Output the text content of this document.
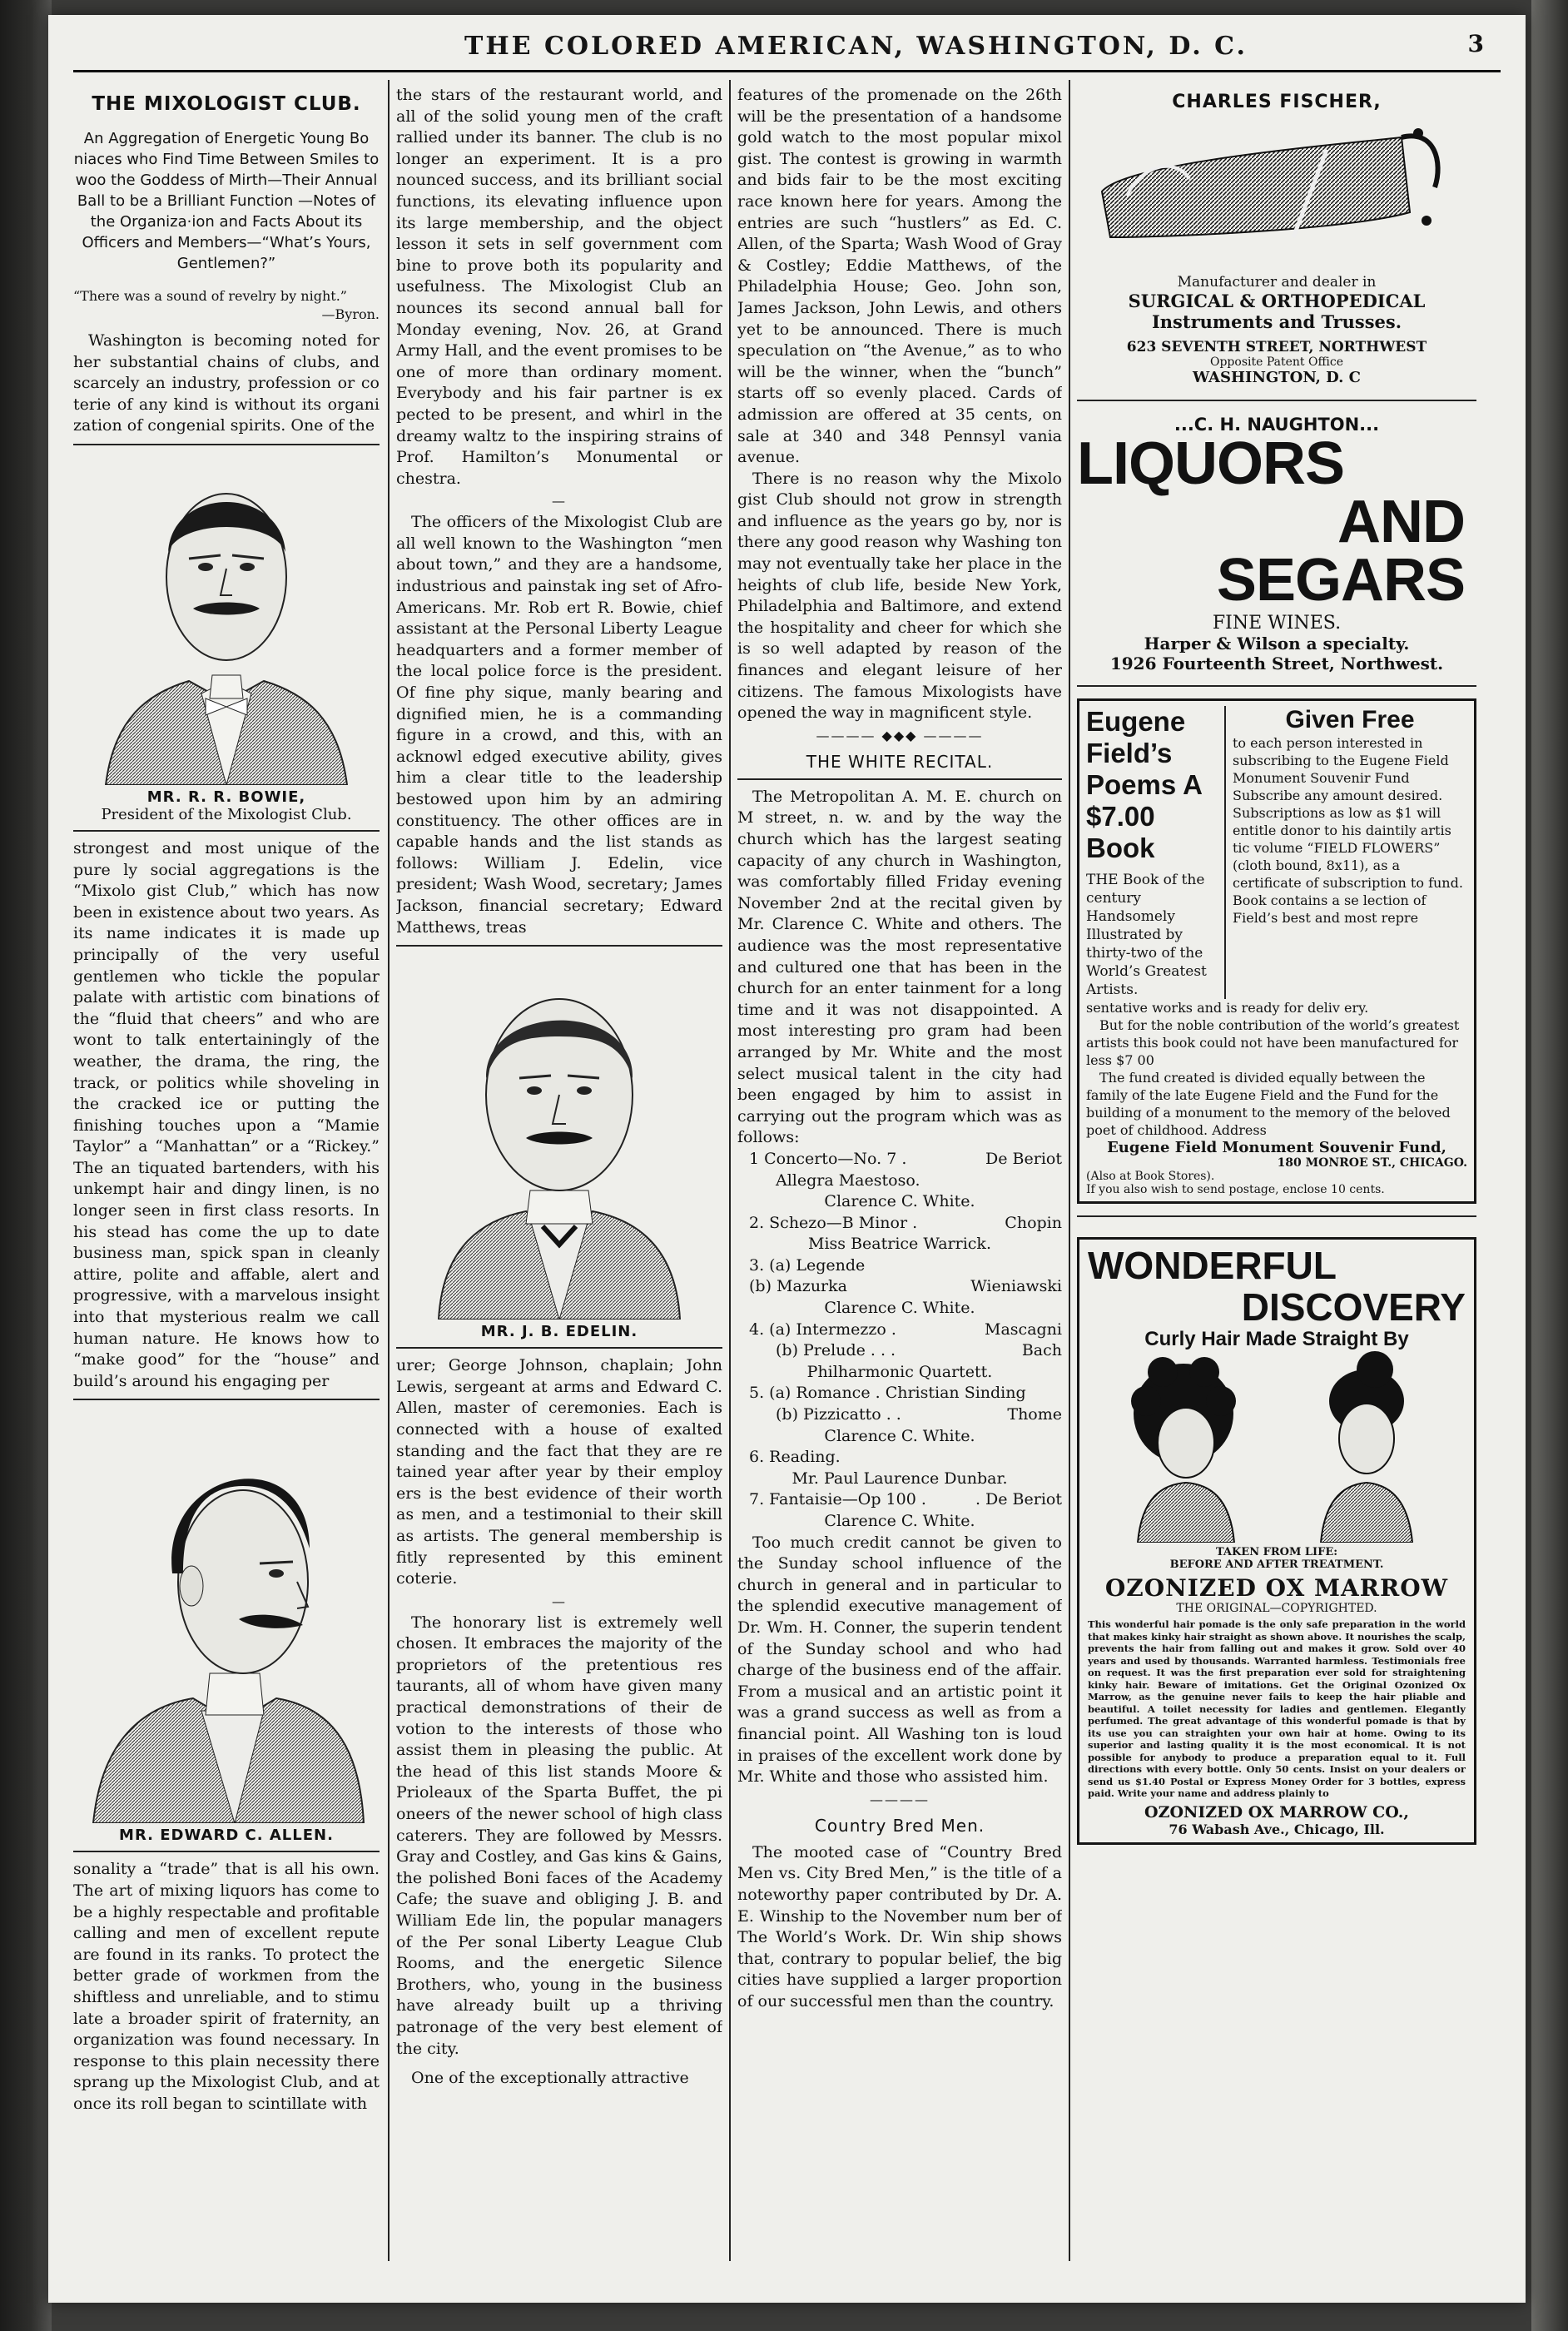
THE COLORED AMERICAN, WASHINGTON, D. C.	3
THE MIXOLOGIST CLUB.

An Aggregation of Energetic Young Bo niaces who Find Time Between Smiles to woo the Goddess of Mirth—Their Annual Ball to be a Brilliant Function —Notes of the Organiza·ion and Facts About its Officers and Members—“What’s Yours, Gentlemen?”

“There was a sound of revelry by night.”

—Byron.

Washington is becoming noted for her substantial chains of clubs, and scarcely an industry, profession or co terie of any kind is without its organi zation of congenial spirits. One of the

MR. R. R. BOWIE,
President of the Mixologist Club.

strongest and most unique of the pure ly social aggregations is the “Mixolo gist Club,” which has now been in existence about two years. As its name indicates it is made up principally of the very useful gentlemen who tickle the popular palate with artistic com binations of the “fluid that cheers” and who are wont to talk entertainingly of the weather, the drama, the ring, the track, or politics while shoveling in the cracked ice or putting the finishing touches upon a “Mamie Taylor” a “Manhattan” or a “Rickey.” The an tiquated bartenders, with his unkempt hair and dingy linen, is no longer seen in first class resorts. In his stead has come the up to date business man, spick span in cleanly attire, polite and affable, alert and progressive, with a marvelous insight into that mysterious realm we call human nature. He knows how to “make good” for the “house” and build’s around his engaging per

MR. EDWARD C. ALLEN.

sonality a “trade” that is all his own. The art of mixing liquors has come to be a highly respectable and profitable calling and men of excellent repute are found in its ranks. To protect the better grade of workmen from the shiftless and unreliable, and to stimu late a broader spirit of fraternity, an organization was found necessary. In response to this plain necessity there sprang up the Mixologist Club, and at once its roll began to scintillate with

the stars of the restaurant world, and all of the solid young men of the craft rallied under its banner. The club is no longer an experiment. It is a pro nounced success, and its brilliant social functions, its elevating influence upon its large membership, and the object lesson it sets in self government com bine to prove both its popularity and usefulness. The Mixologist Club an nounces its second annual ball for Monday evening, Nov. 26, at Grand Army Hall, and the event promises to be one of more than ordinary moment. Everybody and his fair partner is ex pected to be present, and whirl in the dreamy waltz to the inspiring strains of Prof. Hamilton’s Monumental or chestra.

—

The officers of the Mixologist Club are all well known to the Washington “men about town,” and they are a handsome, industrious and painstak ing set of Afro-Americans. Mr. Rob ert R. Bowie, chief assistant at the Personal Liberty League headquarters and a former member of the local police force is the president. Of fine phy sique, manly bearing and dignified mien, he is a commanding figure in a crowd, and this, with an acknowl edged executive ability, gives him a clear title to the leadership bestowed upon him by an admiring constituency. The other offices are in capable hands and the list stands as follows: William J. Edelin, vice president; Wash Wood, secretary; James Jackson, financial secretary; Edward Matthews, treas

MR. J. B. EDELIN.

urer; George Johnson, chaplain; John Lewis, sergeant at arms and Edward C. Allen, master of ceremonies. Each is connected with a house of exalted standing and the fact that they are re tained year after year by their employ ers is the best evidence of their worth as men, and a testimonial to their skill as artists. The general membership is fitly represented by this eminent coterie.

—

The honorary list is extremely well chosen. It embraces the majority of the proprietors of the pretentious res taurants, all of whom have given many practical demonstrations of their de votion to the interests of those who assist them in pleasing the public. At the head of this list stands Moore & Prioleaux of the Sparta Buffet, the pi oneers of the newer school of high class caterers. They are followed by Messrs. Gray and Costley, and Gas kins & Gains, the polished Boni faces of the Academy Cafe; the suave and obliging J. B. and William Ede lin, the popular managers of the Per sonal Liberty League Club Rooms, and the energetic Silence Brothers, who, young in the business have already built up a thriving patronage of the very best element of the city.

One of the exceptionally attractive

features of the promenade on the 26th will be the presentation of a handsome gold watch to the most popular mixol gist. The contest is growing in warmth and bids fair to be the most exciting race known here for years. Among the entries are such “hustlers” as Ed. C. Allen, of the Sparta; Wash Wood of Gray & Costley; Eddie Matthews, of the Philadelphia House; Geo. John son, James Jackson, John Lewis, and others yet to be announced. There is much speculation on “the Avenue,” as to who will be the winner, when the “bunch” starts off so evenly placed. Cards of admission are offered at 35 cents, on sale at 340 and 348 Pennsyl vania avenue.

There is no reason why the Mixolo gist Club should not grow in strength and influence as the years go by, nor is there any good reason why Washing ton may not eventually take her place in the heights of club life, beside New York, Philadelphia and Baltimore, and extend the hospitality and cheer for which she is so well adapted by reason of the finances and elegant leisure of her citizens. The famous Mixologists have opened the way in magnificent style.

———— ◆◆◆ ————
THE WHITE RECITAL.

The Metropolitan A. M. E. church on M street, n. w. and by the way the church which has the largest seating capacity of any church in Washington, was comfortably filled Friday evening November 2nd at the recital given by Mr. Clarence C. White and others. The audience was the most representative and cultured one that has been in the church for an enter tainment for a long time and it was not disappointed. A most interesting pro gram had been arranged by Mr. White and the most select musical talent in the city had been engaged by him to assist in carrying out the program which was as follows:

1 Concerto—No. 7 .	De Beriot
Allegra Maestoso.
Clarence C. White.
2. Schezo—B Minor .	Chopin
Miss Beatrice Warrick.
3. (a) Legende
(b) Mazurka	Wieniawski
Clarence C. White.
4. (a) Intermezzo .	Mascagni
(b) Prelude . . .	Bach
Philharmonic Quartett.
5. (a) Romance . Christian Sinding
(b) Pizzicatto . .	Thome
Clarence C. White.
6. Reading.
Mr. Paul Laurence Dunbar.
7. Fantaisie—Op 100 .	. De Beriot
Clarence C. White.

Too much credit cannot be given to the Sunday school influence of the church in general and in particular to the splendid executive management of Dr. Wm. H. Conner, the superin tendent of the Sunday school and who had charge of the business end of the affair. From a musical and an artistic point it was a grand success as well as from a financial point. All Washing ton is loud in praises of the excellent work done by Mr. White and those who assisted him.

————
Country Bred Men.

The mooted case of “Country Bred Men vs. City Bred Men,” is the title of a noteworthy paper contributed by Dr. A. E. Winship to the November num ber of The World’s Work. Dr. Win ship shows that, contrary to popular belief, the big cities have supplied a larger proportion of our successful men than the country.

CHARLES FISCHER,
Manufacturer and dealer in
SURGICAL & ORTHOPEDICAL
Instruments and Trusses.
623 SEVENTH STREET, NORTHWEST
Opposite Patent Office
WASHINGTON, D. C
...C. H. NAUGHTON...
LIQUORS
AND SEGARS
FINE WINES.
Harper & Wilson a specialty.
1926 Fourteenth Street, Northwest.
Eugene Field’s Poems A $7.00 Book
THE Book of the century Handsomely Illustrated by thirty-two of the World’s Greatest Artists.
Given Free
to each person interested in subscribing to the Eugene Field Monument Souvenir Fund Subscribe any amount desired. Subscriptions as low as $1 will entitle donor to his daintily artis tic volume “FIELD FLOWERS” (cloth bound, 8x11), as a certificate of subscription to fund. Book contains a se lection of Field’s best and most repre
sentative works and is ready for deliv ery.
But for the noble contribution of the world’s greatest artists this book could not have been manufactured for less $7 00
The fund created is divided equally between the family of the late Eugene Field and the Fund for the building of a monument to the memory of the beloved poet of childhood. Address
Eugene Field Monument Souvenir Fund,
180 MONROE ST., CHICAGO.
(Also at Book Stores).
If you also wish to send postage, enclose 10 cents.
WONDERFUL
DISCOVERY
Curly Hair Made Straight By
TAKEN FROM LIFE:
BEFORE AND AFTER TREATMENT.
OZONIZED OX MARROW
THE ORIGINAL—COPYRIGHTED.
This wonderful hair pomade is the only safe preparation in the world that makes kinky hair straight as shown above. It nourishes the scalp, prevents the hair from falling out and makes it grow. Sold over 40 years and used by thousands. Warranted harmless. Testimonials free on request. It was the first preparation ever sold for straightening kinky hair. Beware of imitations. Get the Original Ozonized Ox Marrow, as the genuine never fails to keep the hair pliable and beautiful. A toilet necessity for ladies and gentlemen. Elegantly perfumed. The great advantage of this wonderful pomade is that by its use you can straighten your own hair at home. Owing to its superior and lasting quality it is the most economical. It is not possible for anybody to produce a preparation equal to it. Full directions with every bottle. Only 50 cents. Insist on your dealers or send us $1.40 Postal or Express Money Order for 3 bottles, express paid. Write your name and address plainly to
OZONIZED OX MARROW CO.,
76 Wabash Ave., Chicago, Ill.
